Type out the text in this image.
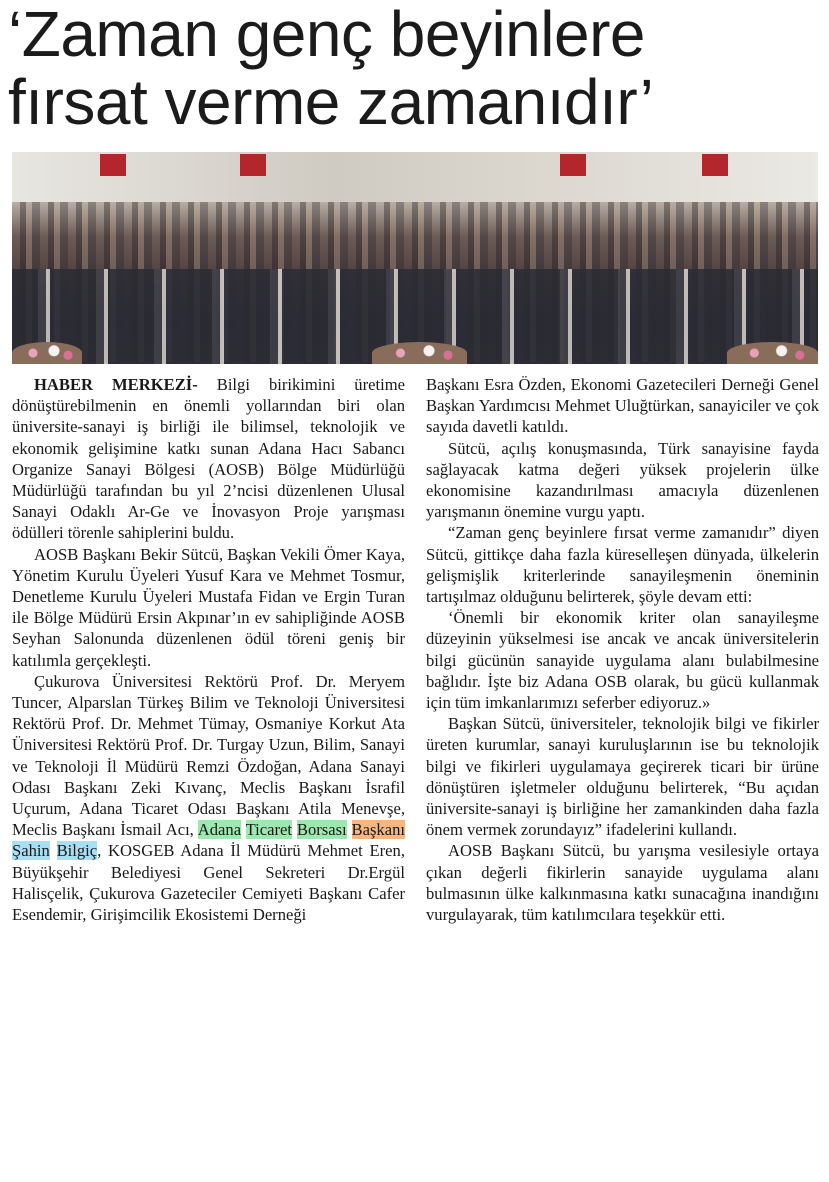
‘Zaman genç beyinlere
fırsat verme zamanıdır’

HABER MERKEZİ- Bilgi birikimini üretime dönüştürebilmenin en önemli yollarından biri olan üniversite-sanayi iş birliği ile bilimsel, teknolojik ve ekonomik gelişimine katkı sunan Adana Hacı Sabancı Organize Sanayi Bölgesi (AOSB) Bölge Müdürlüğü Müdürlüğü tarafından bu yıl 2’ncisi düzenlenen Ulusal Sanayi Odaklı Ar-Ge ve İnovasyon Proje yarışması ödülleri törenle sahiplerini buldu.

AOSB Başkanı Bekir Sütcü, Başkan Vekili Ömer Kaya, Yönetim Kurulu Üyeleri Yusuf Kara ve Mehmet Tosmur, Denetleme Kurulu Üyeleri Mustafa Fidan ve Ergin Turan ile Bölge Müdürü Ersin Akpınar’ın ev sahipliğinde AOSB Seyhan Salonunda düzenlenen ödül töreni geniş bir katılımla gerçekleşti.

Çukurova Üniversitesi Rektörü Prof. Dr. Meryem Tuncer, Alparslan Türkeş Bilim ve Teknoloji Üniversitesi Rektörü Prof. Dr. Mehmet Tümay, Osmaniye Korkut Ata Üniversitesi Rektörü Prof. Dr. Turgay Uzun, Bilim, Sanayi ve Teknoloji İl Müdürü Remzi Özdoğan, Adana Sanayi Odası Başkanı Zeki Kıvanç, Meclis Başkanı İsrafil Uçurum, Adana Ticaret Odası Başkanı Atila Menevşe, Meclis Başkanı İsmail Acı, Adana Ticaret Borsası Başkanı Şahin Bilgiç, KOSGEB Adana İl Müdürü Mehmet Eren, Büyükşehir Belediyesi Genel Sekreteri Dr.Ergül Halisçelik, Çukurova Gazeteciler Cemiyeti Başkanı Cafer Esendemir, Girişimcilik Ekosistemi Derneği

Başkanı Esra Özden, Ekonomi Gazetecileri Derneği Genel Başkan Yardımcısı Mehmet Uluğtürkan, sanayiciler ve çok sayıda davetli katıldı.

Sütcü, açılış konuşmasında, Türk sanayisine fayda sağlayacak katma değeri yüksek projelerin ülke ekonomisine kazandırılması amacıyla düzenlenen yarışmanın önemine vurgu yaptı.

“Zaman genç beyinlere fırsat verme zamanıdır” diyen Sütcü, gittikçe daha fazla küreselleşen dünyada, ülkelerin gelişmişlik kriterlerinde sanayileşmenin öneminin tartışılmaz olduğunu belirterek, şöyle devam etti:

‘Önemli bir ekonomik kriter olan sanayileşme düzeyinin yükselmesi ise ancak ve ancak üniversitelerin bilgi gücünün sanayide uygulama alanı bulabilmesine bağlıdır. İşte biz Adana OSB olarak, bu gücü kullanmak için tüm imkanlarımızı seferber ediyoruz.»

Başkan Sütcü, üniversiteler, teknolojik bilgi ve fikirler üreten kurumlar, sanayi kuruluşlarının ise bu teknolojik bilgi ve fikirleri uygulamaya geçirerek ticari bir ürüne dönüştüren işletmeler olduğunu belirterek, “Bu açıdan üniversite-sanayi iş birliğine her zamankinden daha fazla önem vermek zorundayız” ifadelerini kullandı.

AOSB Başkanı Sütcü, bu yarışma vesilesiyle ortaya çıkan değerli fikirlerin sanayide uygulama alanı bulmasının ülke kalkınmasına katkı sunacağına inandığını vurgulayarak, tüm katılımcılara teşekkür etti.
